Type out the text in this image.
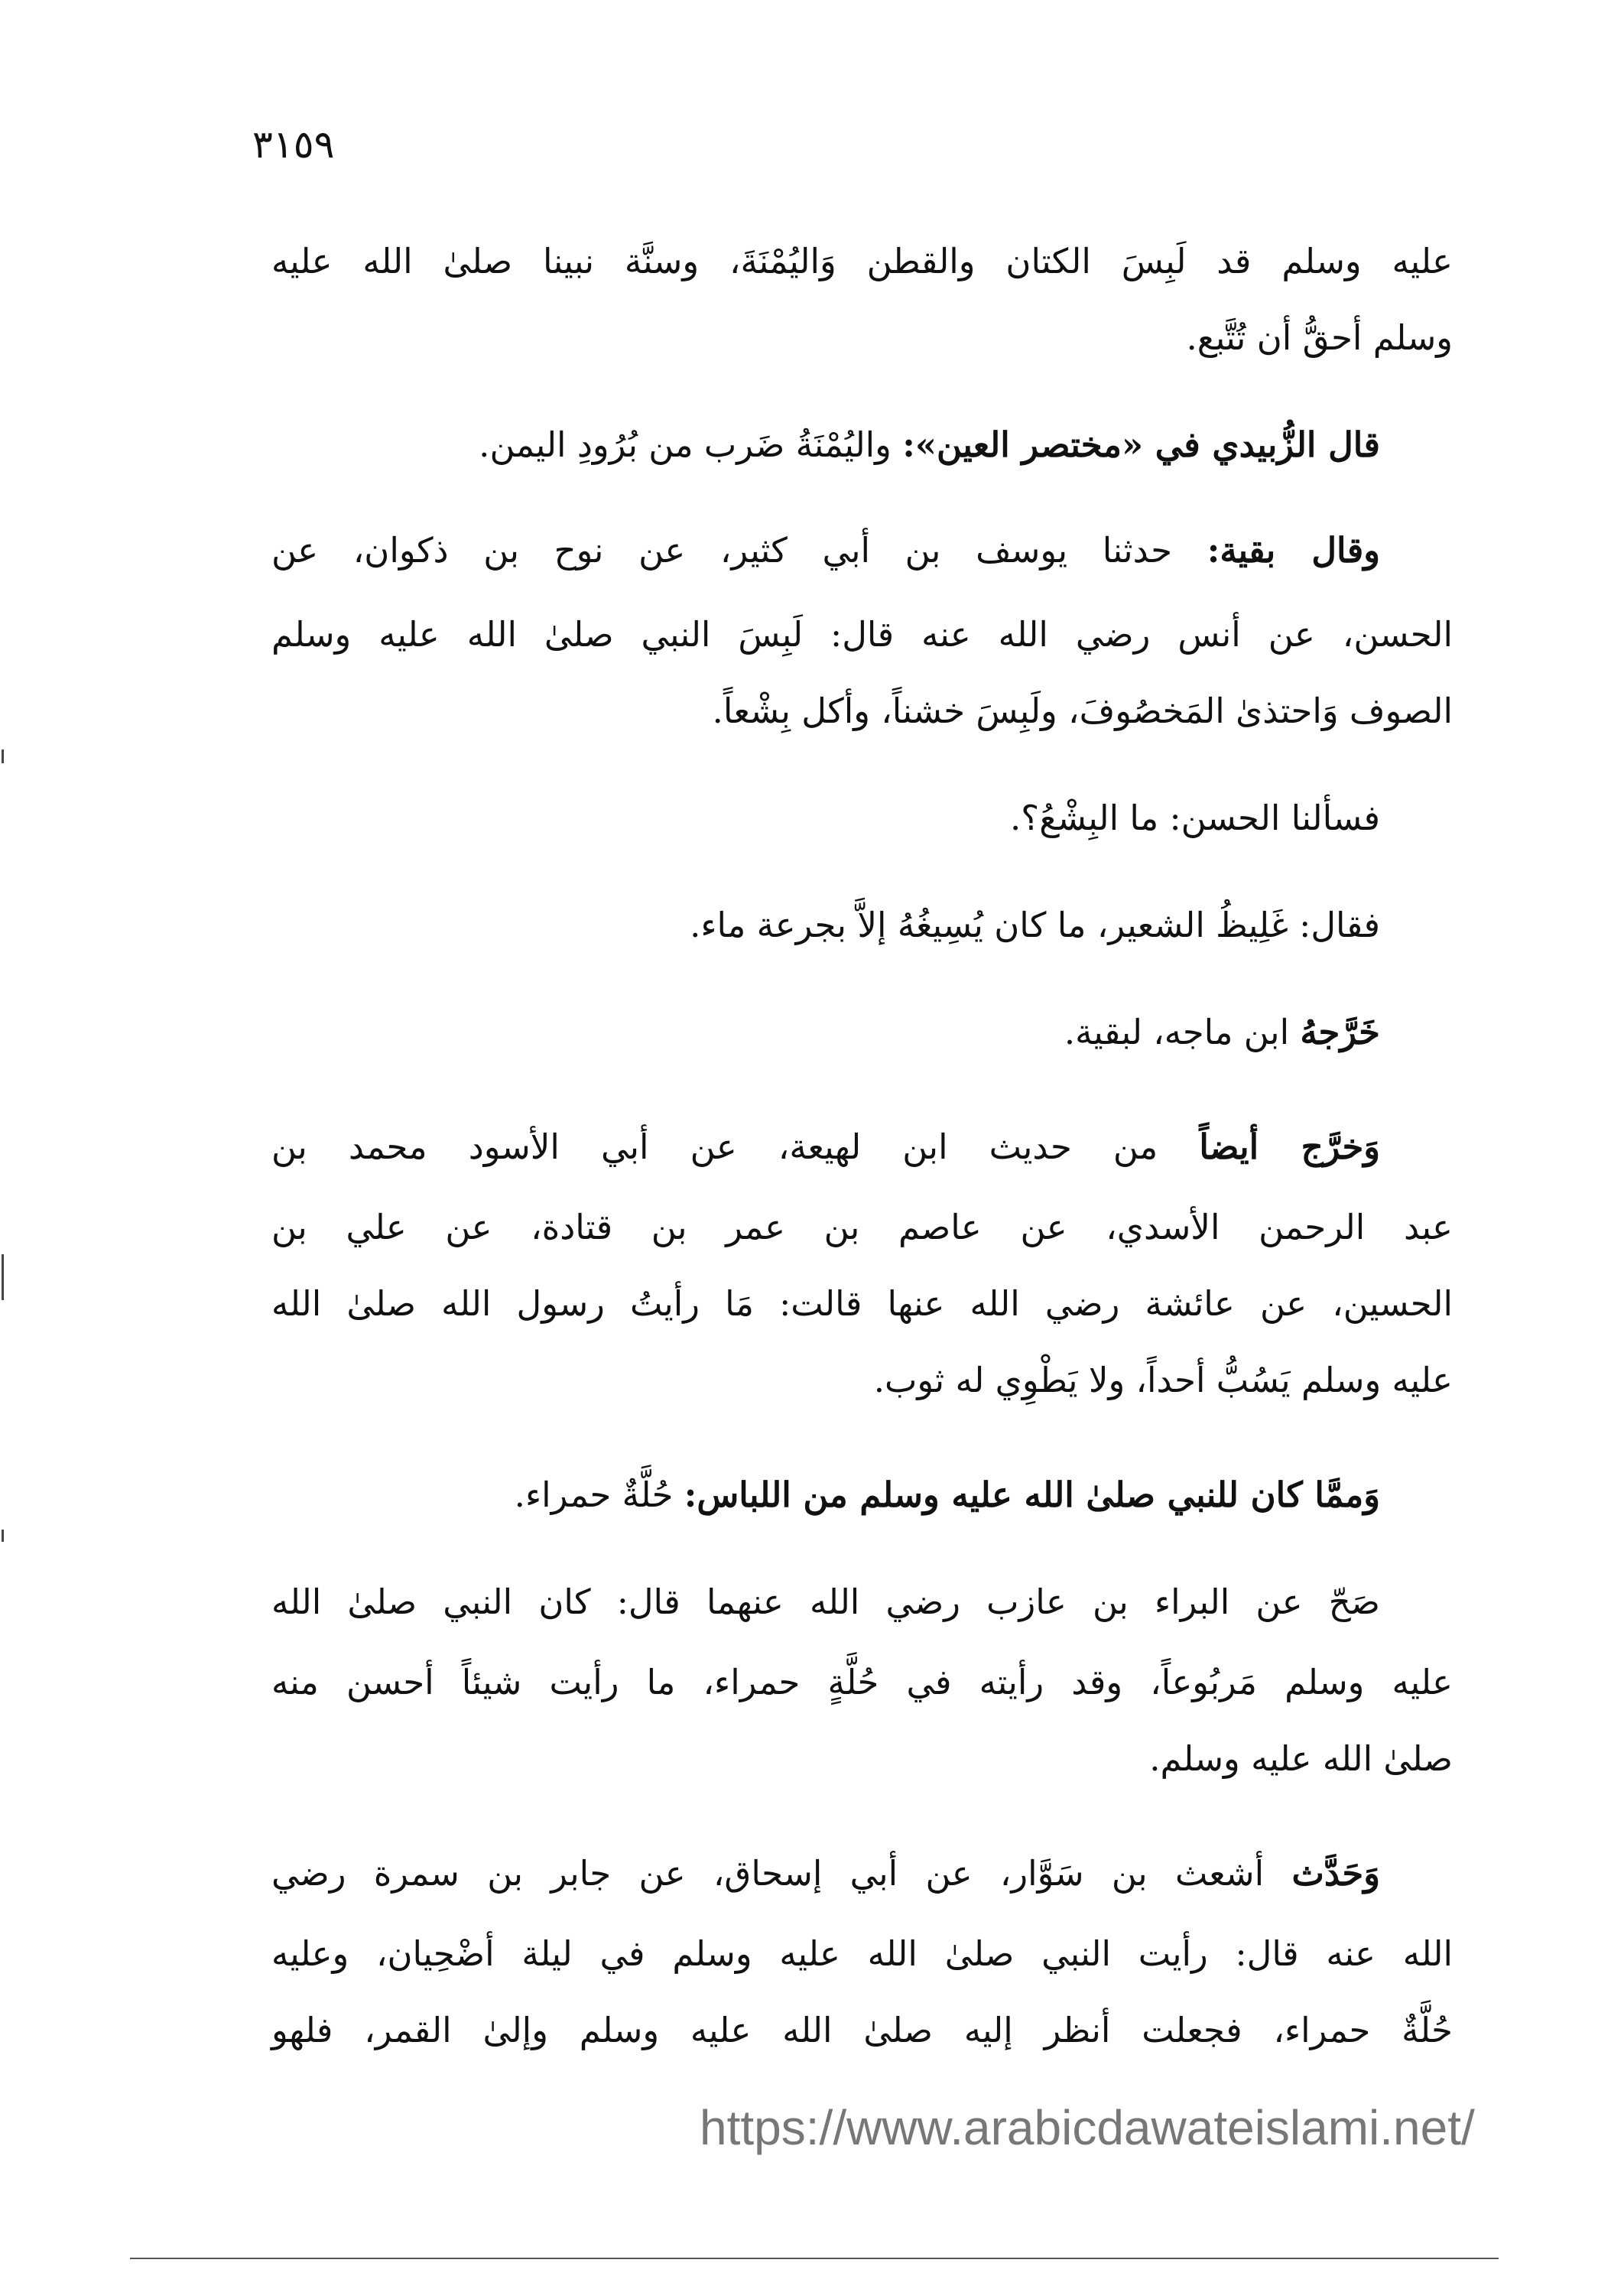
٣١٥٩
عليه وسلم قد لَبِسَ الكتان والقطن وَاليُمْنَةَ، وسنَّة نبينا صلىٰ الله عليه
وسلم أحقُّ أن تُتَّبع.
قال الزُّبيدي في «مختصر العين»: واليُمْنَةُ ضَرب من بُرُودِ اليمن.
وقال بقية: حدثنا يوسف بن أبي كثير، عن نوح بن ذكوان، عن
الحسن، عن أنس رضي الله عنه قال: لَبِسَ النبي صلىٰ الله عليه وسلم
الصوف وَاحتذىٰ المَخصُوفَ، ولَبِسَ خشناً، وأكل بِشْعاً.
فسألنا الحسن: ما البِشْعُ؟.
فقال: غَلِيظُ الشعير، ما كان يُسِيغُهُ إلاَّ بجرعة ماء.
خَرَّجهُ ابن ماجه، لبقية.
وَخرَّج أيضاً من حديث ابن لهيعة، عن أبي الأسود محمد بن
عبد الرحمن الأسدي، عن عاصم بن عمر بن قتادة، عن علي بن
الحسين، عن عائشة رضي الله عنها قالت: مَا رأيتُ رسول الله صلىٰ الله
عليه وسلم يَسُبُّ أحداً، ولا يَطْوِي له ثوب.
وَممَّا كان للنبي صلىٰ الله عليه وسلم من اللباس: حُلَّةٌ حمراء.
صَحّ عن البراء بن عازب رضي الله عنهما قال: كان النبي صلىٰ الله
عليه وسلم مَربُوعاً، وقد رأيته في حُلَّةٍ حمراء، ما رأيت شيئاً أحسن منه
صلىٰ الله عليه وسلم.
وَحَدَّث أشعث بن سَوَّار، عن أبي إسحاق، عن جابر بن سمرة رضي
الله عنه قال: رأيت النبي صلىٰ الله عليه وسلم في ليلة أضْحِيان، وعليه
حُلَّةٌ حمراء، فجعلت أنظر إليه صلىٰ الله عليه وسلم وإلىٰ القمر، فلهو
https://www.arabicdawateislami.net/
